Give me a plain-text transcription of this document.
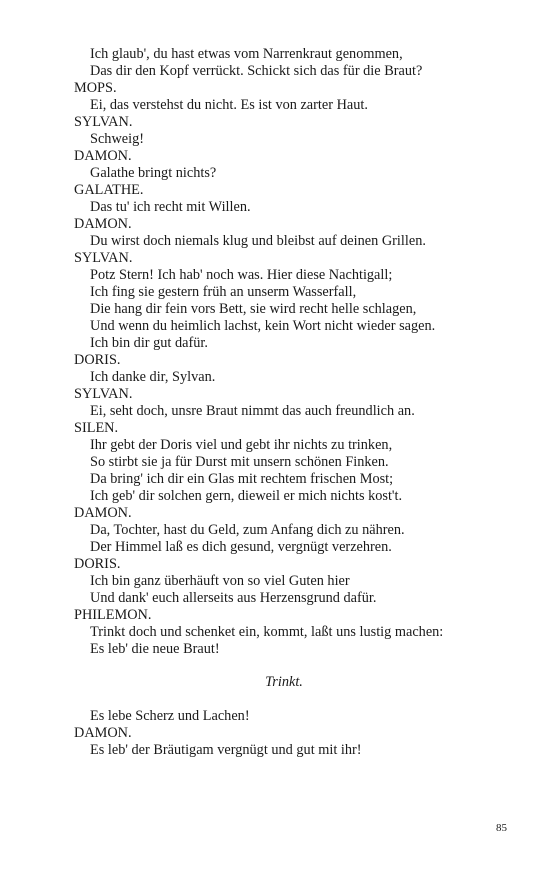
Ich glaub', du hast etwas vom Narrenkraut genommen,
Das dir den Kopf verrückt. Schickt sich das für die Braut?
MOPS.
Ei, das verstehst du nicht. Es ist von zarter Haut.
SYLVAN.
Schweig!
DAMON.
Galathe bringt nichts?
GALATHE.
Das tu' ich recht mit Willen.
DAMON.
Du wirst doch niemals klug und bleibst auf deinen Grillen.
SYLVAN.
Potz Stern! Ich hab' noch was. Hier diese Nachtigall;
Ich fing sie gestern früh an unserm Wasserfall,
Die hang dir fein vors Bett, sie wird recht helle schlagen,
Und wenn du heimlich lachst, kein Wort nicht wieder sagen.
Ich bin dir gut dafür.
DORIS.
Ich danke dir, Sylvan.
SYLVAN.
Ei, seht doch, unsre Braut nimmt das auch freundlich an.
SILEN.
Ihr gebt der Doris viel und gebt ihr nichts zu trinken,
So stirbt sie ja für Durst mit unsern schönen Finken.
Da bring' ich dir ein Glas mit rechtem frischen Most;
Ich geb' dir solchen gern, dieweil er mich nichts kost't.
DAMON.
Da, Tochter, hast du Geld, zum Anfang dich zu nähren.
Der Himmel laß es dich gesund, vergnügt verzehren.
DORIS.
Ich bin ganz überhäuft von so viel Guten hier
Und dank' euch allerseits aus Herzensgrund dafür.
PHILEMON.
Trinkt doch und schenket ein, kommt, laßt uns lustig machen:
Es leb' die neue Braut!
Trinkt.
Es lebe Scherz und Lachen!
DAMON.
Es leb' der Bräutigam vergnügt und gut mit ihr!
85
